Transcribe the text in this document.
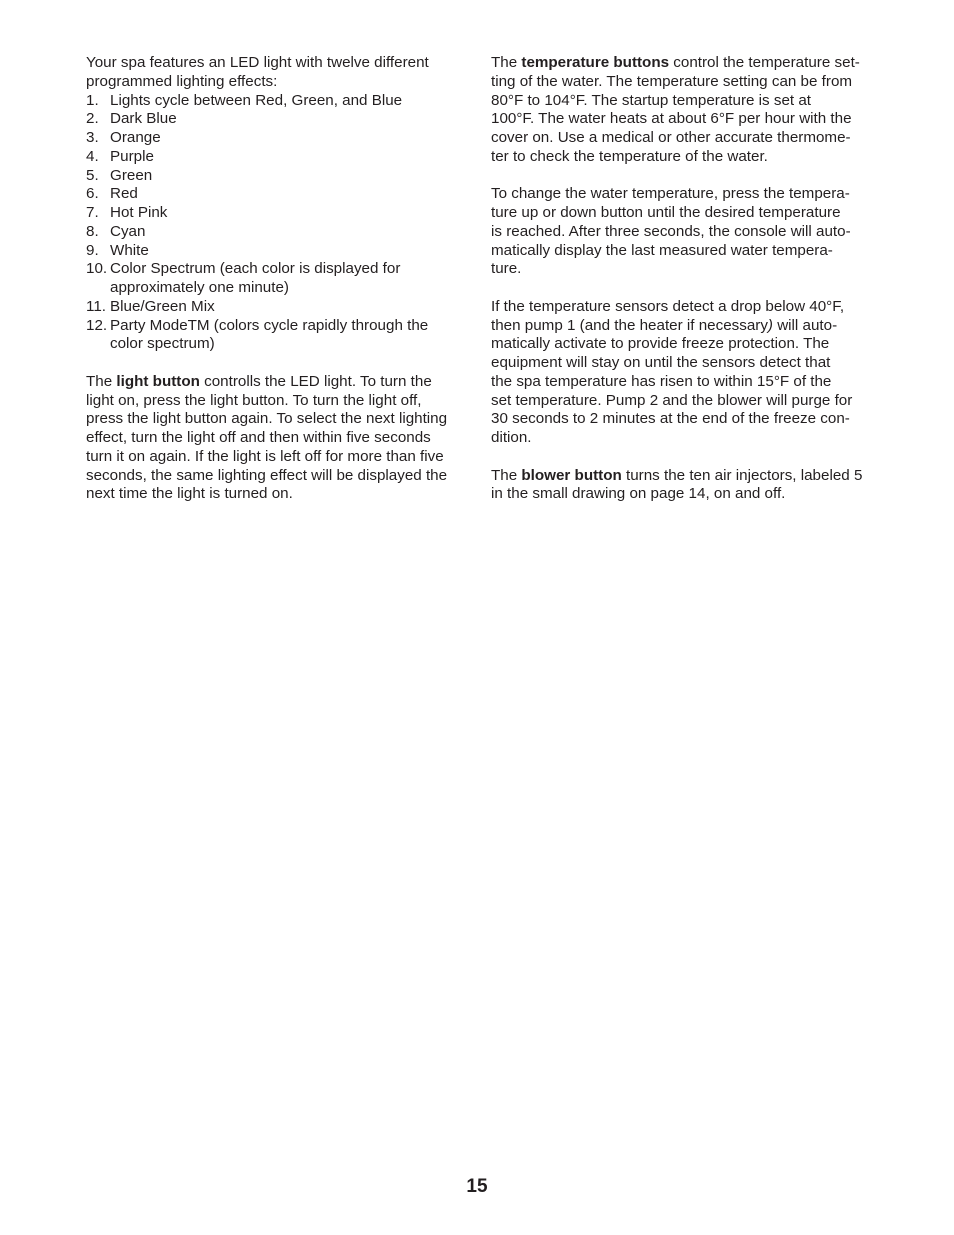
Your spa features an LED light with twelve different
programmed lighting effects:

1. Lights cycle between Red, Green, and Blue
2. Dark Blue
3. Orange
4. Purple
5. Green
6. Red
7. Hot Pink
8. Cyan
9. White
10. Color Spectrum (each color is displayed for
approximately one minute)
11. Blue/Green Mix
12. Party ModeTM (colors cycle rapidly through the
color spectrum)

The light button controlls the LED light. To turn the
light on, press the light button. To turn the light off,
press the light button again. To select the next lighting
effect, turn the light off and then within five seconds
turn it on again. If the light is left off for more than five
seconds, the same lighting effect will be displayed the
next time the light is turned on.

The temperature buttons control the temperature set-
ting of the water. The temperature setting can be from
80°F to 104°F. The startup temperature is set at
100°F. The water heats at about 6°F per hour with the
cover on. Use a medical or other accurate thermome-
ter to check the temperature of the water.

To change the water temperature, press the tempera-
ture up or down button until the desired temperature
is reached. After three seconds, the console will auto-
matically display the last measured water tempera-
ture.

If the temperature sensors detect a drop below 40°F,
then pump 1 (and the heater if necessary) will auto-
matically activate to provide freeze protection. The
equipment will stay on until the sensors detect that
the spa temperature has risen to within 15°F of the
set temperature. Pump 2 and the blower will purge for
30 seconds to 2 minutes at the end of the freeze con-
dition.

The blower button turns the ten air injectors, labeled 5
in the small drawing on page 14, on and off.

15
